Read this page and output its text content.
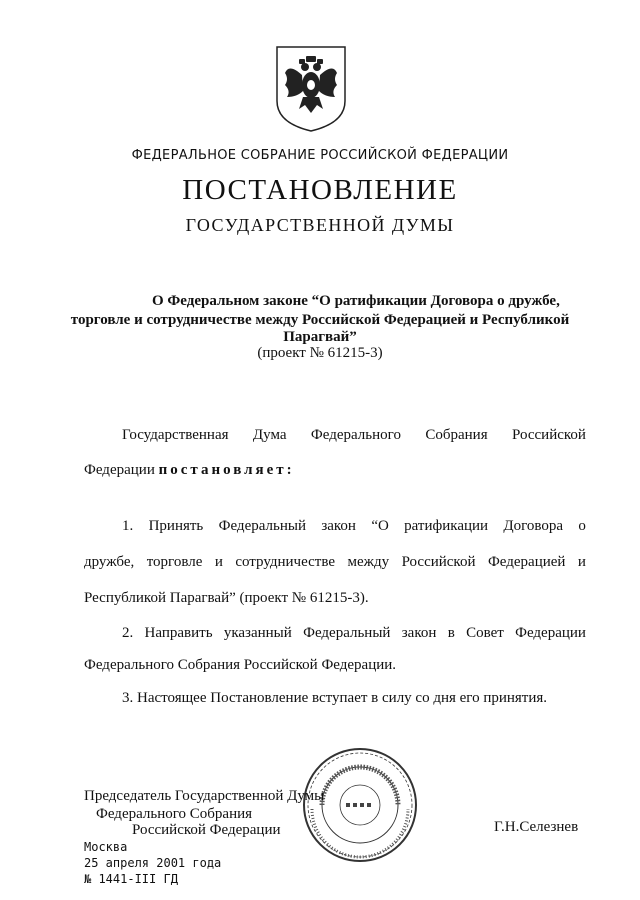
ФЕДЕРАЛЬНОЕ СОБРАНИЕ РОССИЙСКОЙ ФЕДЕРАЦИИ
ПОСТАНОВЛЕНИЕ
ГОСУДАРСТВЕННОЙ ДУМЫ
О Федеральном законе “О ратификации Договора о дружбе,
торговле и сотрудничестве между Российской Федерацией и Республикой
Парагвай”
(проект № 61215-3)
Государственная Дума Федерального Собрания Российской
Федерации постановляет:
1. Принять Федеральный закон “О ратификации Договора о
дружбе, торговле и сотрудничестве между Российской Федерацией и
Республикой Парагвай” (проект № 61215-3).
2. Направить указанный Федеральный закон в Совет Федерации
Федерального Собрания Российской Федерации.
3. Настоящее Постановление вступает в силу со дня его принятия.
Председатель Государственной Думы
Федерального Собрания
Российской Федерации	Г.Н.Селезнев
Москва
25 апреля 2001 года
№ 1441-III ГД
